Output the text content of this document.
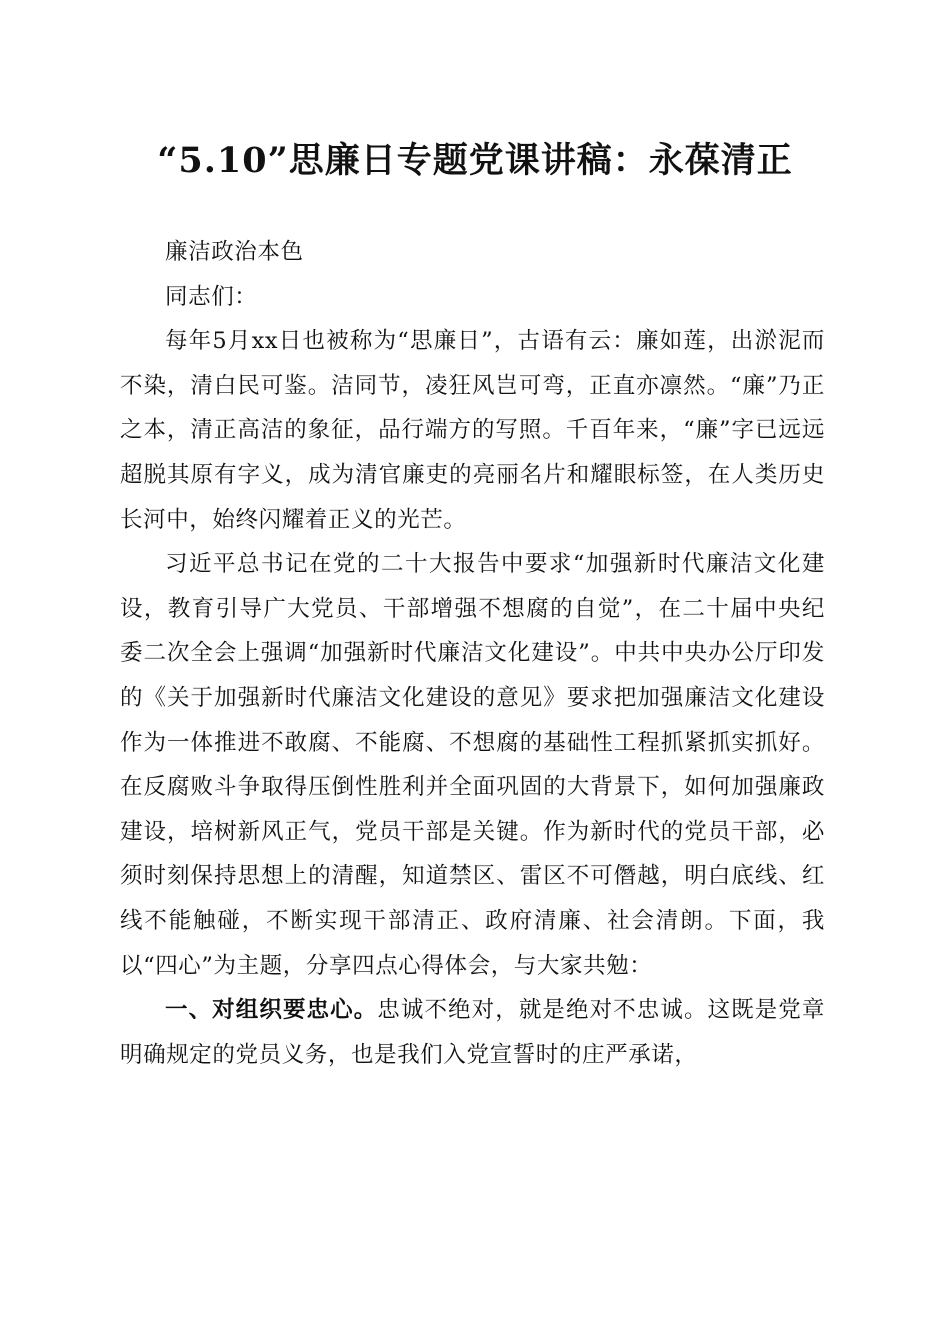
“5.10”思廉日专题党课讲稿：永葆清正

廉洁政治本色

同志们：

每年5月xx日也被称为“思廉日”，古语有云：廉如莲，出淤泥而不染，清白民可鉴。洁同节，凌狂风岂可弯，正直亦凛然。“廉”乃正之本，清正高洁的象征，品行端方的写照。千百年来，“廉”字已远远超脱其原有字义，成为清官廉吏的亮丽名片和耀眼标签，在人类历史长河中，始终闪耀着正义的光芒。

习近平总书记在党的二十大报告中要求“加强新时代廉洁文化建设，教育引导广大党员、干部增强不想腐的自觉”，在二十届中央纪委二次全会上强调“加强新时代廉洁文化建设”。中共中央办公厅印发的《关于加强新时代廉洁文化建设的意见》要求把加强廉洁文化建设作为一体推进不敢腐、不能腐、不想腐的基础性工程抓紧抓实抓好。在反腐败斗争取得压倒性胜利并全面巩固的大背景下，如何加强廉政建设，培树新风正气，党员干部是关键。作为新时代的党员干部，必须时刻保持思想上的清醒，知道禁区、雷区不可僭越，明白底线、红线不能触碰，不断实现干部清正、政府清廉、社会清朗。下面，我以“四心”为主题，分享四点心得体会，与大家共勉：

一、对组织要忠心。忠诚不绝对，就是绝对不忠诚。这既是党章明确规定的党员义务，也是我们入党宣誓时的庄严承诺，
